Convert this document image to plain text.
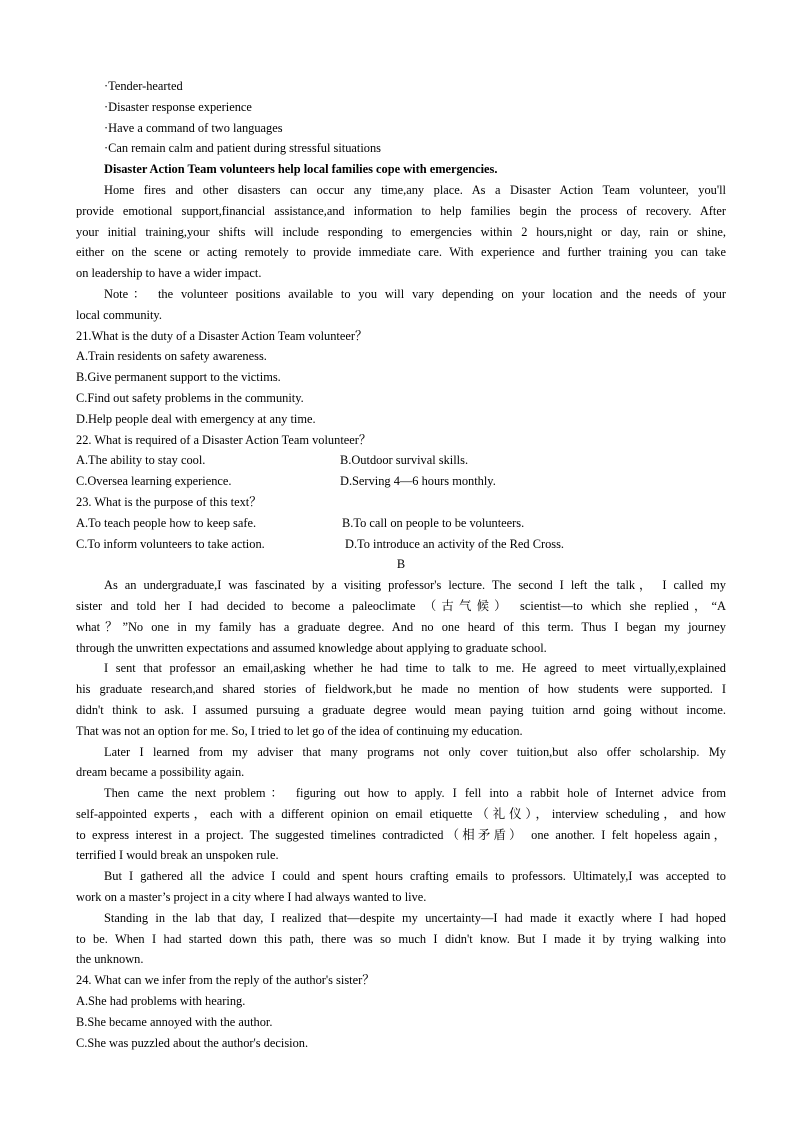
·Tender-hearted
·Disaster response experience
·Have a command of two languages
·Can remain calm and patient during stressful situations
Disaster Action Team volunteers help local families cope with emergencies.
Home fires and other disasters can occur any time,any place. As a Disaster Action Team volunteer, you'll
provide emotional support,financial assistance,and information to help families begin the process of recovery. After
your initial training,your shifts will include responding to emergencies within 2 hours,night or day, rain or shine,
either on the scene or acting remotely to provide immediate care. With experience and further training you can take
on leadership to have a wider impact.
Note： the volunteer positions available to you will vary depending on your location and the needs of your
local community.
21.What is the duty of a Disaster Action Team volunteer？
A.Train residents on safety awareness.
B.Give permanent support to the victims.
C.Find out safety problems in the community.
D.Help people deal with emergency at any time.
22. What is required of a Disaster Action Team volunteer？
A.The ability to stay cool.	B.Outdoor survival skills.
C.Oversea learning experience.	D.Serving 4—6 hours monthly.
23. What is the purpose of this text？
A.To teach people how to keep safe.	B.To call on people to be volunteers.
C.To inform volunteers to take action.	D.To introduce an activity of the Red Cross.
B
As an undergraduate,I was fascinated by a visiting professor's lecture. The second I left the talk， I called my
sister and told her I had decided to become a paleoclimate （古气候） scientist—to which she replied，“A
what？”No one in my family has a graduate degree. And no one heard of this term. Thus I began my journey
through the unwritten expectations and assumed knowledge about applying to graduate school.
I sent that professor an email,asking whether he had time to talk to me. He agreed to meet virtually,explained
his graduate research,and shared stories of fieldwork,but he made no mention of how students were supported. I
didn't think to ask. I assumed pursuing a graduate degree would mean paying tuition arnd going without income.
That was not an option for me. So, I tried to let go of the idea of continuing my education.
Later I learned from my adviser that many programs not only cover tuition,but also offer scholarship. My
dream became a possibility again.
Then came the next problem： figuring out how to apply. I fell into a rabbit hole of Internet advice from
self-appointed experts，each with a different opinion on email etiquette（礼仪），interview scheduling，and how
to express interest in a project. The suggested timelines contradicted（相矛盾） one another. I felt hopeless again，
terrified I would break an unspoken rule.
But I gathered all the advice I could and spent hours crafting emails to professors. Ultimately,I was accepted to
work on a master’s project in a city where I had always wanted to live.
Standing in the lab that day, I realized that—despite my uncertainty—I had made it exactly where I had hoped
to be. When I had started down this path, there was so much I didn't know. But I made it by trying walking into
the unknown.
24. What can we infer from the reply of the author's sister？
A.She had problems with hearing.
B.She became annoyed with the author.
C.She was puzzled about the author's decision.
